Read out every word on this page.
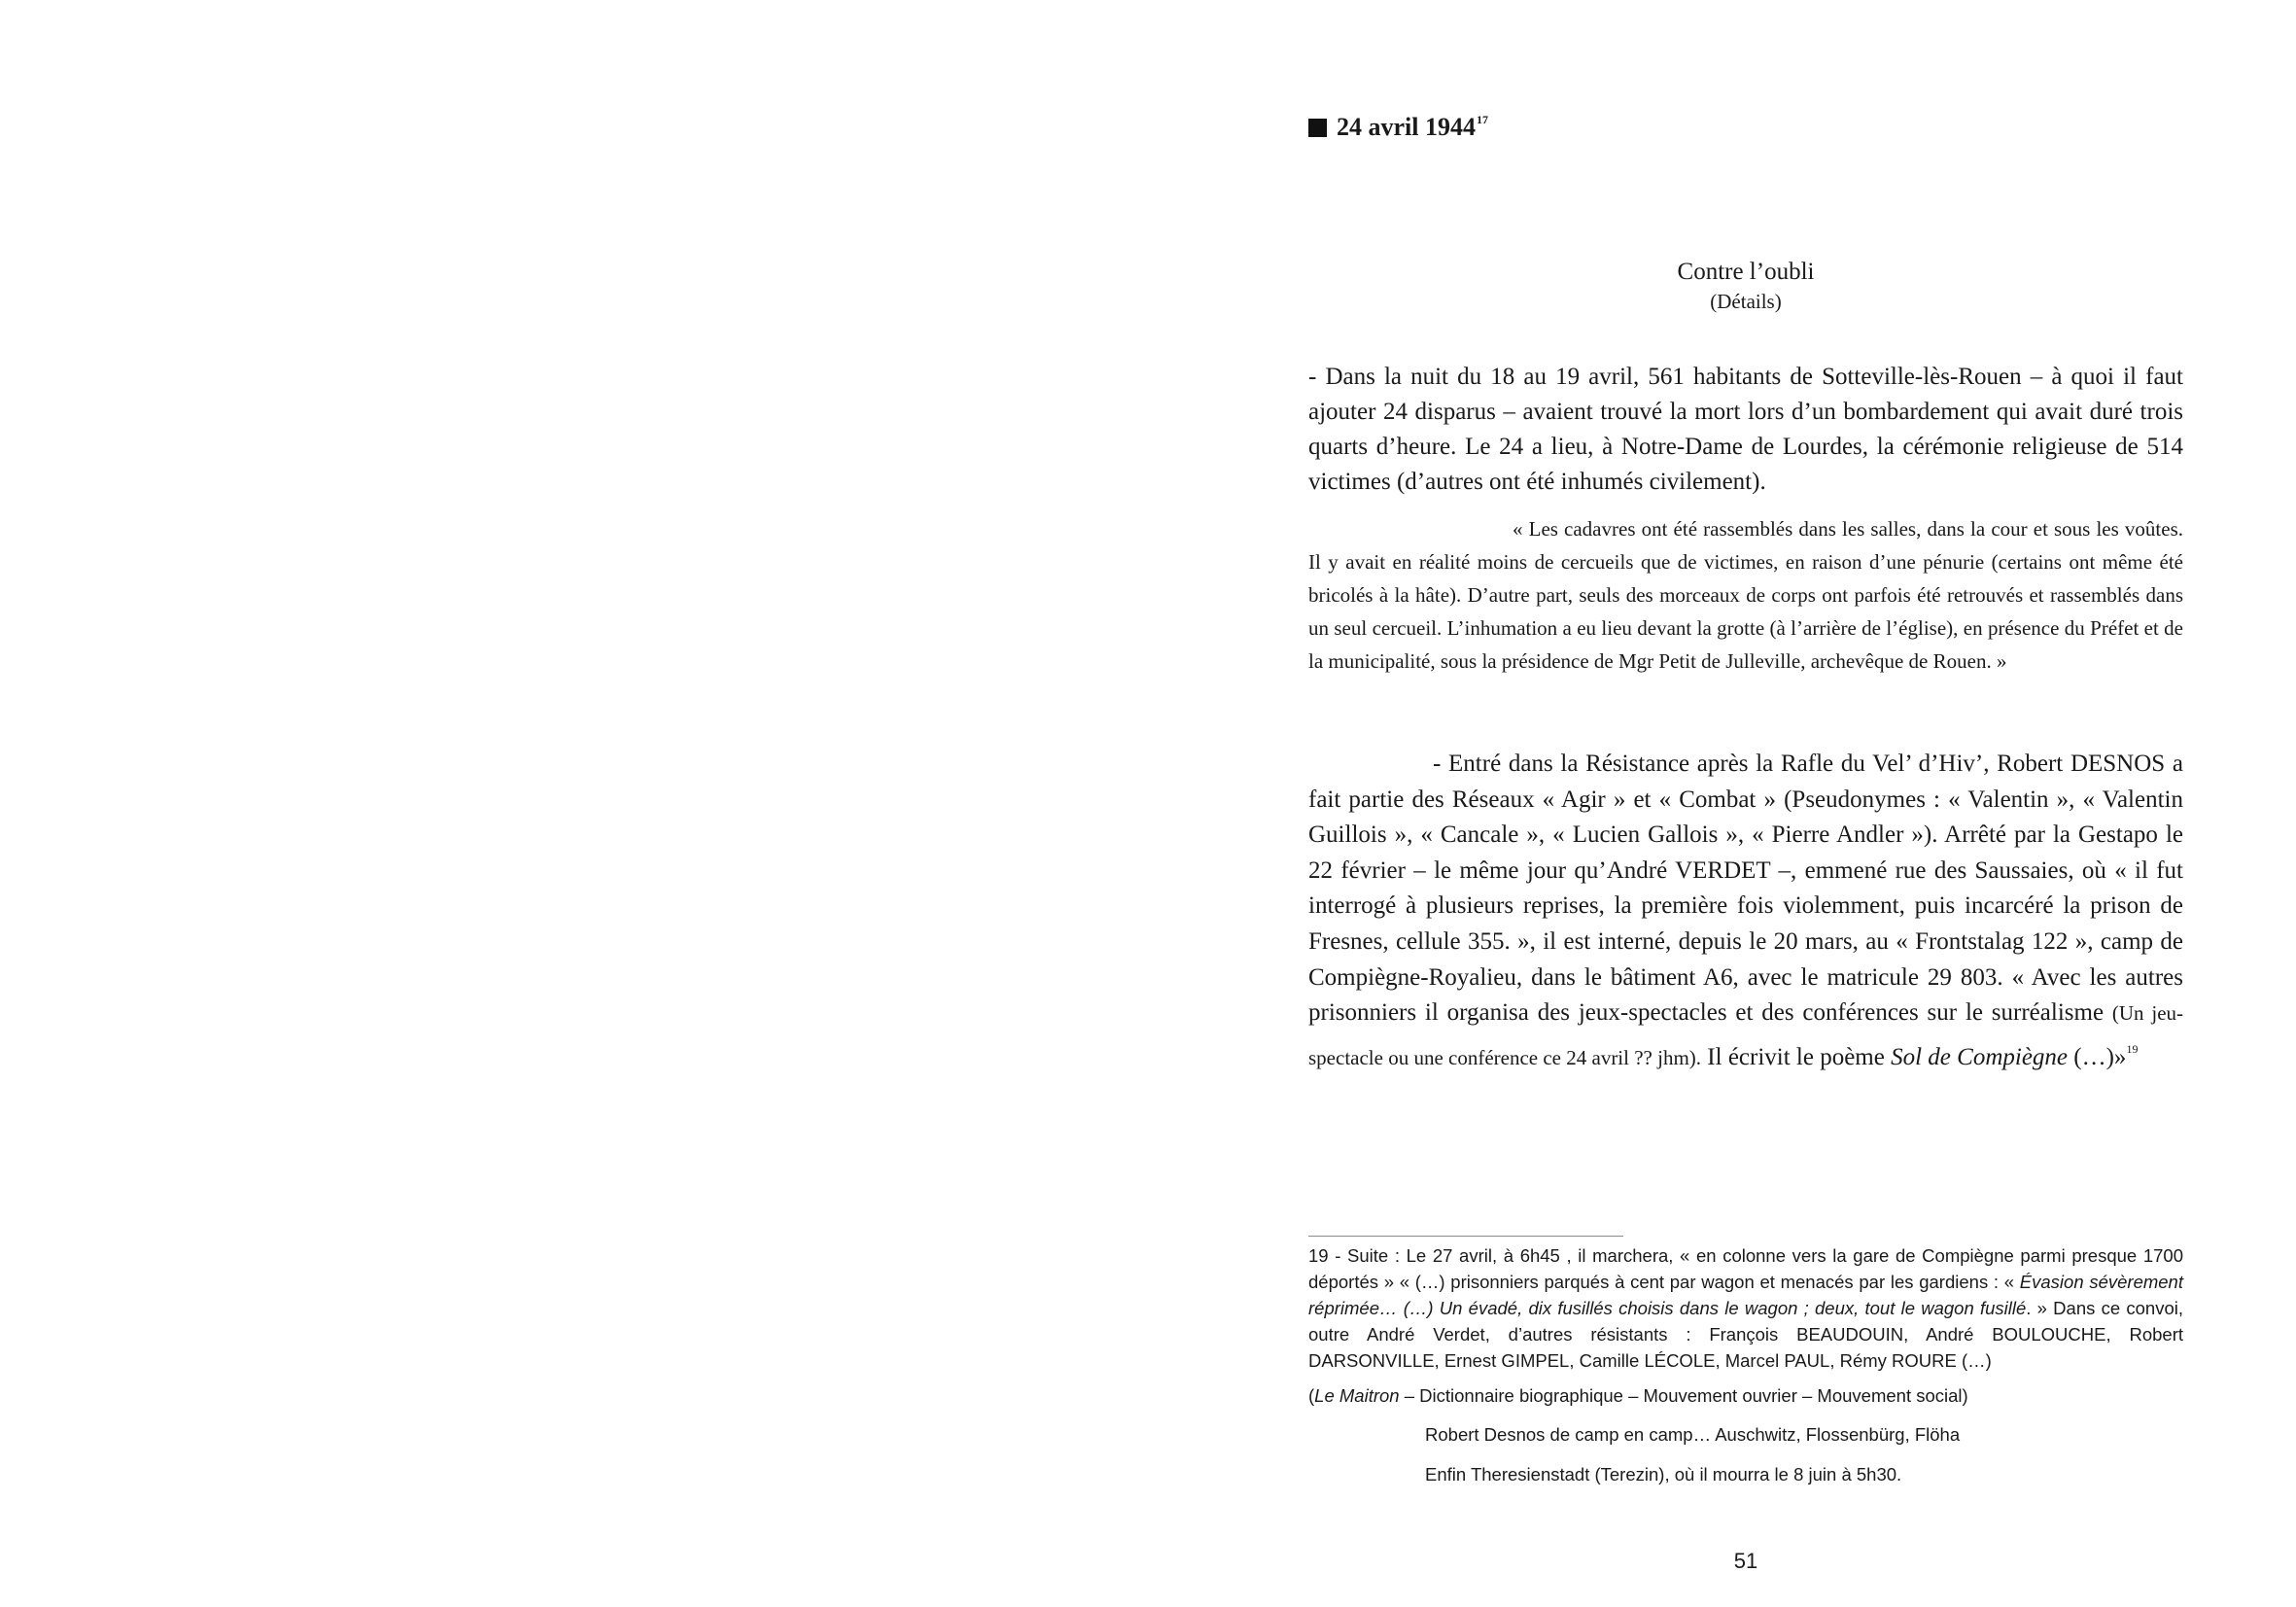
24 avril 1944$^{17}$
Contre l’oubli
(Détails)

- Dans la nuit du 18 au 19 avril, 561 habitants de Sotteville-lès-Rouen – à quoi il faut ajouter 24 disparus – avaient trouvé la mort lors d’un bombardement qui avait duré trois quarts d’heure. Le 24 a lieu, à Notre-Dame de Lourdes, la cérémonie religieuse de 514 victimes (d’autres ont été inhumés civilement).

« Les cadavres ont été rassemblés dans les salles, dans la cour et sous les voûtes. Il y avait en réalité moins de cercueils que de victimes, en raison d’une pénurie (certains ont même été bricolés à la hâte). D’autre part, seuls des morceaux de corps ont parfois été retrouvés et rassemblés dans un seul cercueil. L’inhumation a eu lieu devant la grotte (à l’arrière de l’église), en présence du Préfet et de la municipalité, sous la présidence de Mgr Petit de Julleville, archevêque de Rouen. »

- Entré dans la Résistance après la Rafle du Vel’ d’Hiv’, Robert DESNOS a fait partie des Réseaux « Agir » et « Combat » (Pseudonymes : « Valentin », « Valentin Guillois », « Cancale », « Lucien Gallois », « Pierre Andler »). Arrêté par la Gestapo le 22 février – le même jour qu’André VERDET –, emmené rue des Saussaies, où « il fut interrogé à plusieurs reprises, la première fois violemment, puis incarcéré la prison de Fresnes, cellule 355. », il est interné, depuis le 20 mars, au « Frontstalag 122 », camp de Compiègne-Royalieu, dans le bâtiment A6, avec le matricule 29 803. « Avec les autres prisonniers il organisa des jeux-spectacles et des conférences sur le surréalisme (Un jeu-spectacle ou une conférence ce 24 avril ?? jhm). Il écrivit le poème Sol de Compiègne (…)»$^{19}$

19 - Suite : Le 27 avril, à 6h45 , il marchera, « en colonne vers la gare de Compiègne parmi presque 1700 déportés » « (…) prisonniers parqués à cent par wagon et menacés par les gardiens : « Évasion sévèrement réprimée… (…) Un évadé, dix fusillés choisis dans le wagon ; deux, tout le wagon fusillé. » Dans ce convoi, outre André Verdet, d’autres résistants : François BEAUDOUIN, André BOULOUCHE, Robert DARSONVILLE, Ernest GIMPEL, Camille LÉCOLE, Marcel PAUL, Rémy ROURE (…)

(Le Maitron – Dictionnaire biographique – Mouvement ouvrier – Mouvement social)

Robert Desnos de camp en camp… Auschwitz, Flossenbürg, Flöha

Enfin Theresienstadt (Terezin), où il mourra le 8 juin à 5h30.

51
